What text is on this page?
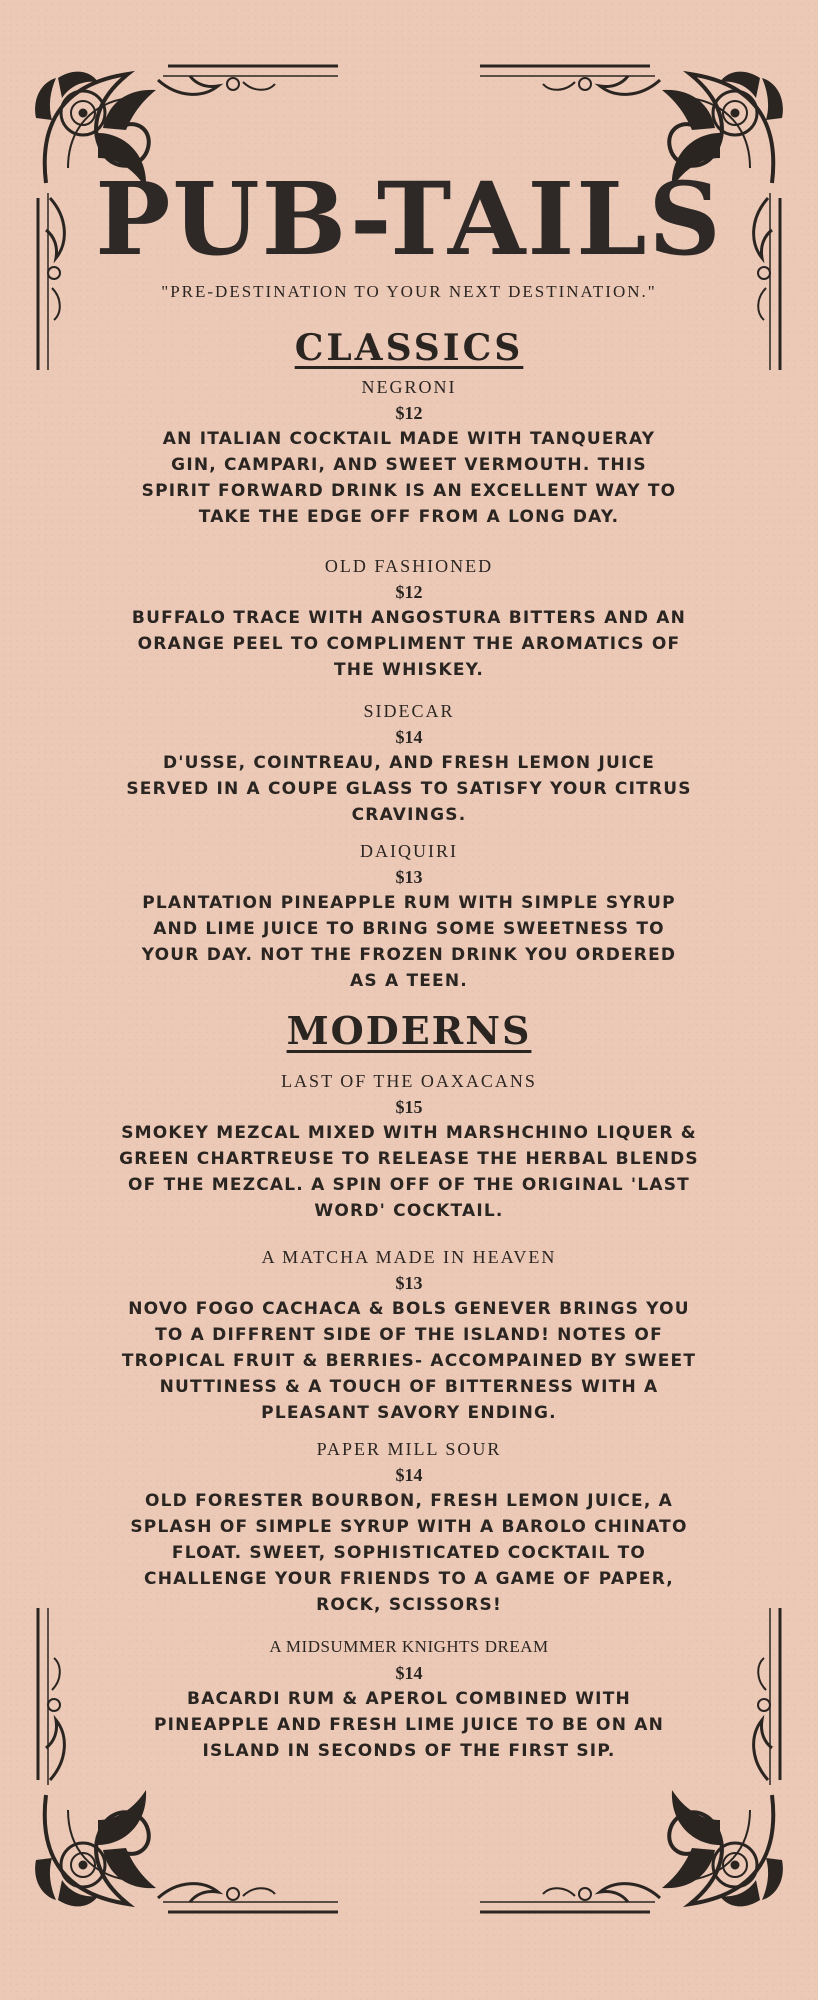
PUB-TAILS
"PRE-DESTINATION TO YOUR NEXT DESTINATION."
CLASSICS
NEGRONI
$12
AN ITALIAN COCKTAIL MADE WITH TANQUERAY GIN, CAMPARI, AND SWEET VERMOUTH. THIS SPIRIT FORWARD DRINK IS AN EXCELLENT WAY TO TAKE THE EDGE OFF FROM A LONG DAY.
OLD FASHIONED
$12
BUFFALO TRACE WITH ANGOSTURA BITTERS AND AN ORANGE PEEL TO COMPLIMENT THE AROMATICS OF THE WHISKEY.
SIDECAR
$14
D'USSE, COINTREAU, AND FRESH LEMON JUICE SERVED IN A COUPE GLASS TO SATISFY YOUR CITRUS CRAVINGS.
DAIQUIRI
$13
PLANTATION PINEAPPLE RUM WITH SIMPLE SYRUP AND LIME JUICE TO BRING SOME SWEETNESS TO YOUR DAY. NOT THE FROZEN DRINK YOU ORDERED AS A TEEN.
MODERNS
LAST OF THE OAXACANS
$15
SMOKEY MEZCAL MIXED WITH MARSHCHINO LIQUER & GREEN CHARTREUSE TO RELEASE THE HERBAL BLENDS OF THE MEZCAL. A SPIN OFF OF THE ORIGINAL 'LAST WORD' COCKTAIL.
A MATCHA MADE IN HEAVEN
$13
NOVO FOGO CACHACA & BOLS GENEVER BRINGS YOU TO A DIFFRENT SIDE OF THE ISLAND! NOTES OF TROPICAL FRUIT & BERRIES- ACCOMPAINED BY SWEET NUTTINESS & A TOUCH OF BITTERNESS WITH A PLEASANT SAVORY ENDING.
PAPER MILL SOUR
$14
OLD FORESTER BOURBON, FRESH LEMON JUICE, A SPLASH OF SIMPLE SYRUP WITH A BAROLO CHINATO FLOAT. SWEET, SOPHISTICATED COCKTAIL TO CHALLENGE YOUR FRIENDS TO A GAME OF PAPER, ROCK, SCISSORS!
A MIDSUMMER KNIGHTS DREAM
$14
BACARDI RUM & APEROL COMBINED WITH PINEAPPLE AND FRESH LIME JUICE TO BE ON AN ISLAND IN SECONDS OF THE FIRST SIP.
